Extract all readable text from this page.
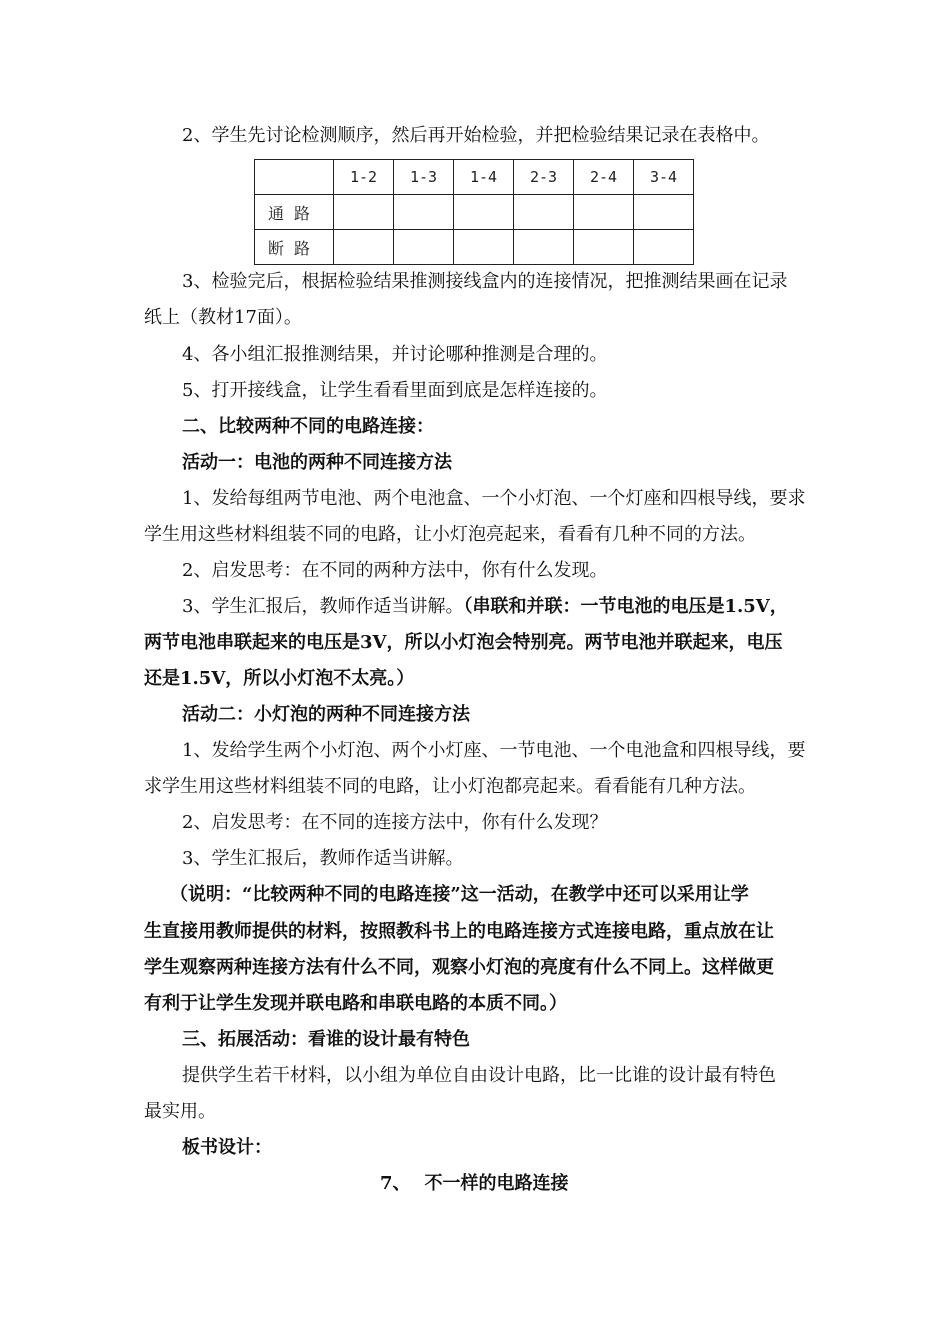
2、学生先讨论检测顺序，然后再开始检验，并把检验结果记录在表格中。
	1-2	1-3	1-4	2-3	2-4	3-4
通路						
断路						
3、检验完后，根据检验结果推测接线盒内的连接情况，把推测结果画在记录
纸上（教材17面）。
4、各小组汇报推测结果，并讨论哪种推测是合理的。
5、打开接线盒，让学生看看里面到底是怎样连接的。
二、比较两种不同的电路连接：
活动一：电池的两种不同连接方法
1、发给每组两节电池、两个电池盒、一个小灯泡、一个灯座和四根导线，要求
学生用这些材料组装不同的电路，让小灯泡亮起来，看看有几种不同的方法。
2、启发思考：在不同的两种方法中，你有什么发现。
3、学生汇报后，教师作适当讲解。（串联和并联：一节电池的电压是1.5V，
两节电池串联起来的电压是3V，所以小灯泡会特别亮。两节电池并联起来，电压
还是1.5V，所以小灯泡不太亮。）
活动二：小灯泡的两种不同连接方法
1、发给学生两个小灯泡、两个小灯座、一节电池、一个电池盒和四根导线，要
求学生用这些材料组装不同的电路，让小灯泡都亮起来。看看能有几种方法。
2、启发思考：在不同的连接方法中，你有什么发现？
3、学生汇报后，教师作适当讲解。
（说明：“比较两种不同的电路连接”这一活动，在教学中还可以采用让学
生直接用教师提供的材料，按照教科书上的电路连接方式连接电路，重点放在让
学生观察两种连接方法有什么不同，观察小灯泡的亮度有什么不同上。这样做更
有利于让学生发现并联电路和串联电路的本质不同。）
三、拓展活动：看谁的设计最有特色
提供学生若干材料，以小组为单位自由设计电路，比一比谁的设计最有特色
最实用。
板书设计：
7、 不一样的电路连接
